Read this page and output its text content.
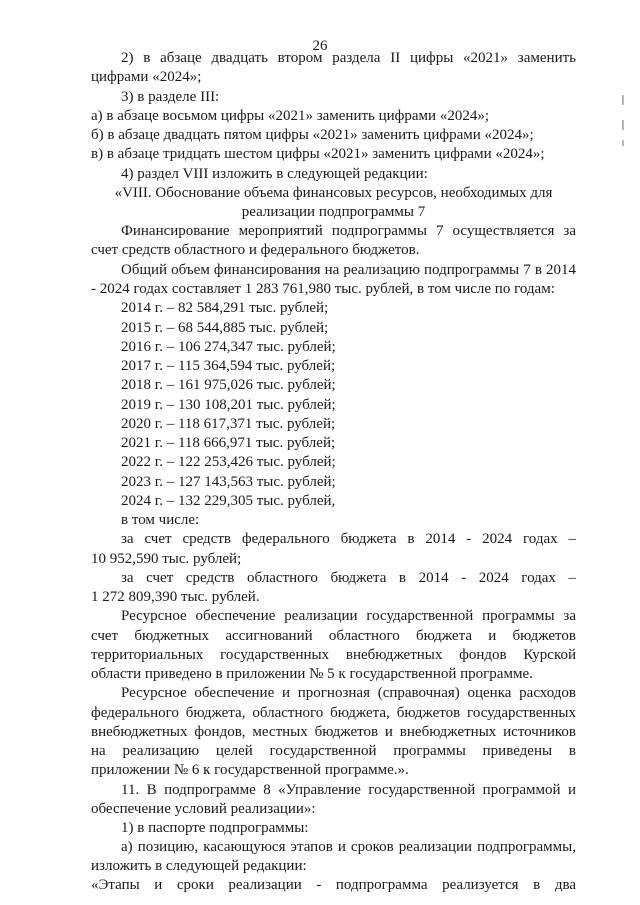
26
2) в абзаце двадцать втором раздела II цифры «2021» заменить
цифрами «2024»;
3) в разделе III:
а) в абзаце восьмом цифры «2021» заменить цифрами «2024»;
б) в абзаце двадцать пятом цифры «2021» заменить цифрами «2024»;
в) в абзаце тридцать шестом цифры «2021» заменить цифрами «2024»;
4) раздел VIII изложить в следующей редакции:
«VIII. Обоснование объема финансовых ресурсов, необходимых для
реализации подпрограммы 7
Финансирование мероприятий подпрограммы 7 осуществляется за
счет средств областного и федерального бюджетов.
Общий объем финансирования на реализацию подпрограммы 7 в 2014
- 2024 годах составляет 1 283 761,980 тыс. рублей, в том числе по годам:
2014 г. – 82 584,291 тыс. рублей;
2015 г. – 68 544,885 тыс. рублей;
2016 г. – 106 274,347 тыс. рублей;
2017 г. – 115 364,594 тыс. рублей;
2018 г. – 161 975,026 тыс. рублей;
2019 г. – 130 108,201 тыс. рублей;
2020 г. – 118 617,371 тыс. рублей;
2021 г. – 118 666,971 тыс. рублей;
2022 г. – 122 253,426 тыс. рублей;
2023 г. – 127 143,563 тыс. рублей;
2024 г. – 132 229,305 тыс. рублей,
в том числе:
за счет средств федерального бюджета в 2014 - 2024 годах –
10 952,590 тыс. рублей;
за счет средств областного бюджета в 2014 - 2024 годах –
1 272 809,390 тыс. рублей.
Ресурсное обеспечение реализации государственной программы за
счет бюджетных ассигнований областного бюджета и бюджетов
территориальных государственных внебюджетных фондов Курской
области приведено в приложении № 5 к государственной программе.
Ресурсное обеспечение и прогнозная (справочная) оценка расходов
федерального бюджета, областного бюджета, бюджетов государственных
внебюджетных фондов, местных бюджетов и внебюджетных источников
на реализацию целей государственной программы приведены в
приложении № 6 к государственной программе.».
11. В подпрограмме 8 «Управление государственной программой и
обеспечение условий реализации»:
1) в паспорте подпрограммы:
а) позицию, касающуюся этапов и сроков реализации подпрограммы,
изложить в следующей редакции:
«Этапы и сроки реализации - подпрограмма реализуется в два
